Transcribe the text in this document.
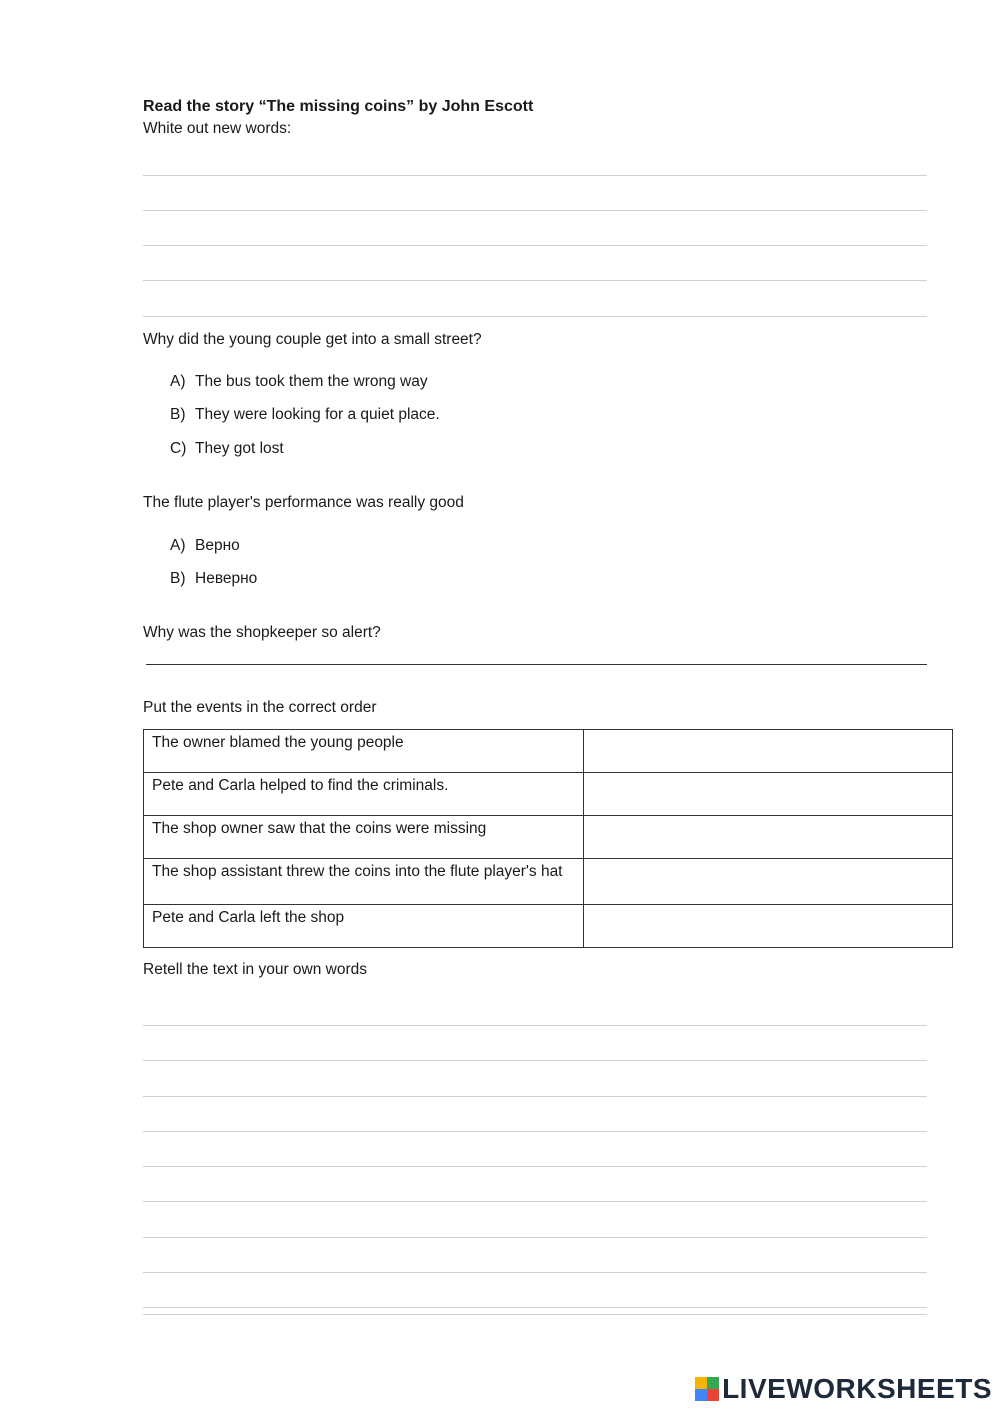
Read the story “The missing coins” by John Escott
White out new words:
Why did the young couple get into a small street?
A) The bus took them the wrong way
B) They were looking for a quiet place.
C) They got lost
The flute player's performance was really good
A) Верно
B) Неверно
Why was the shopkeeper so alert?
Put the events in the correct order
The owner blamed the young people	
Pete and Carla helped to find the criminals.	
The shop owner saw that the coins were missing	
The shop assistant threw the coins into the flute player's hat	
Pete and Carla left the shop	
Retell the text in your own words
LIVEWORKSHEETS
